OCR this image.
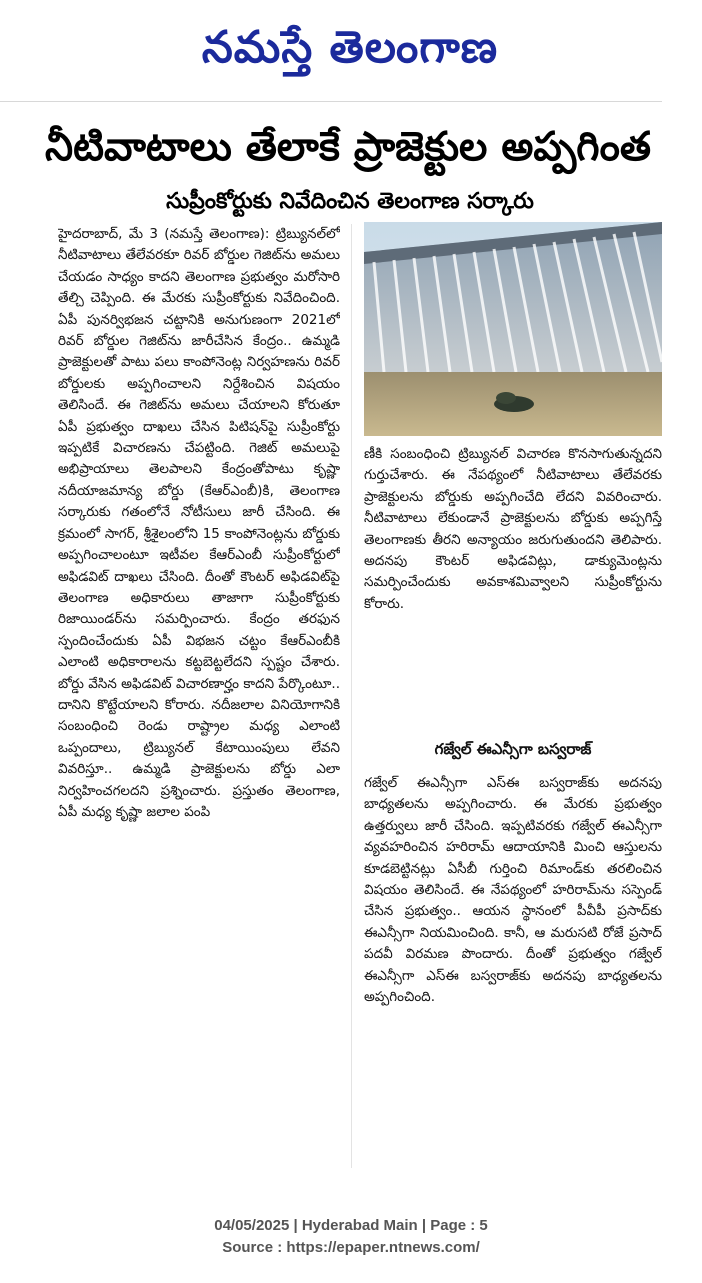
నమస్తే తెలంగాణ
నీటివాటాలు తేలాకే ప్రాజెక్టుల అప్పగింత
సుప్రీంకోర్టుకు నివేదించిన తెలంగాణ సర్కారు

హైదరాబాద్, మే 3 (నమస్తే తెలంగాణ): ట్రిబ్యునల్‌లో నీటివాటాలు తేలేవరకూ రివర్ బోర్డుల గెజిట్‌ను అమలు చేయడం సాధ్యం కాదని తెలంగాణ ప్రభుత్వం మరోసారి తేల్చి చెప్పింది. ఈ మేరకు సుప్రీంకోర్టుకు నివేదించింది. ఏపీ పునర్విభజన చట్టానికి అనుగుణంగా 2021లో రివర్ బోర్డుల గెజిట్‌ను జారీచేసిన కేంద్రం.. ఉమ్మడి ప్రాజెక్టులతో పాటు పలు కాంపోనెంట్ల నిర్వహణను రివర్ బోర్డులకు అప్పగించాలని నిర్దేశించిన విషయం తెలిసిందే. ఈ గెజిట్‌ను అమలు చేయాలని కోరుతూ ఏపీ ప్రభుత్వం దాఖలు చేసిన పిటిషన్‌పై సుప్రీంకోర్టు ఇప్పటికే విచారణను చేపట్టింది. గెజిట్ అమలుపై అభిప్రాయాలు తెలపాలని కేంద్రంతోపాటు కృష్ణా నదీయాజమాన్య బోర్డు (కేఆర్‌ఎంబీ)కి, తెలంగాణ సర్కారుకు గతంలోనే నోటీసులు జారీ చేసింది. ఈ క్రమంలో సాగర్, శ్రీశైలంలోని 15 కాంపోనెంట్లను బోర్డుకు అప్పగించాలంటూ ఇటీవల కేఆర్‌ఎంబీ సుప్రీంకోర్టులో అఫిడవిట్ దాఖలు చేసింది. దీంతో కౌంటర్ అఫిడవిట్‌పై తెలంగాణ అధికారులు తాజాగా సుప్రీంకోర్టుకు రిజాయిండర్‌ను సమర్పించారు. కేంద్రం తరఫున స్పందించేందుకు ఏపీ విభజన చట్టం కేఆర్‌ఎంబీకి ఎలాంటి అధికారాలను కట్టబెట్టలేదని స్పష్టం చేశారు. బోర్డు వేసిన అఫిడవిట్ విచారణార్హం కాదని పేర్కొంటూ.. దానిని కొట్టేయాలని కోరారు. నదీజలాల వినియోగానికి సంబంధించి రెండు రాష్ట్రాల మధ్య ఎలాంటి ఒప్పందాలు, ట్రిబ్యునల్ కేటాయింపులు లేవని వివరిస్తూ.. ఉమ్మడి ప్రాజెక్టులను బోర్డు ఎలా నిర్వహించగలదని ప్రశ్నించారు. ప్రస్తుతం తెలంగాణ, ఏపీ మధ్య కృష్ణా జలాల పంపి

ణీకి సంబంధించి ట్రిబ్యునల్ విచారణ కొనసాగుతున్నదని గుర్తుచేశారు. ఈ నేపథ్యంలో నీటివాటాలు తేలేవరకు ప్రాజెక్టులను బోర్డుకు అప్పగించేది లేదని వివరించారు. నీటివాటాలు లేకుండానే ప్రాజెక్టులను బోర్డుకు అప్పగిస్తే తెలంగాణకు తీరని అన్యాయం జరుగుతుందని తెలిపారు. అదనపు కౌంటర్ అఫిడవిట్లు, డాక్యుమెంట్లను సమర్పించేందుకు అవకాశమివ్వాలని సుప్రీంకోర్టును కోరారు.

గజ్వేల్ ఈఎన్సీగా బస్వరాజ్

గజ్వేల్ ఈఎన్సీగా ఎస్‌ఈ బస్వరాజ్‌కు అదనపు బాధ్యతలను అప్పగించారు. ఈ మేరకు ప్రభుత్వం ఉత్తర్వులు జారీ చేసింది. ఇప్పటివరకు గజ్వేల్ ఈఎన్సీగా వ్యవహరించిన హరిరామ్ ఆదాయానికి మించి ఆస్తులను కూడబెట్టినట్లు ఏసీబీ గుర్తించి రిమాండ్‌కు తరలించిన విషయం తెలిసిందే. ఈ నేపథ్యంలో హరిరామ్‌ను సస్పెండ్ చేసిన ప్రభుత్వం.. ఆయన స్థానంలో పీవీపీ ప్రసాద్‌కు ఈఎన్సీగా నియమించింది. కానీ, ఆ మరుసటి రోజే ప్రసాద్ పదవీ విరమణ పొందారు. దీంతో ప్రభుత్వం గజ్వేల్ ఈఎన్సీగా ఎస్‌ఈ బస్వరాజ్‌కు అదనపు బాధ్యతలను అప్పగించింది.

04/05/2025 | Hyderabad Main | Page : 5
Source : https://epaper.ntnews.com/
